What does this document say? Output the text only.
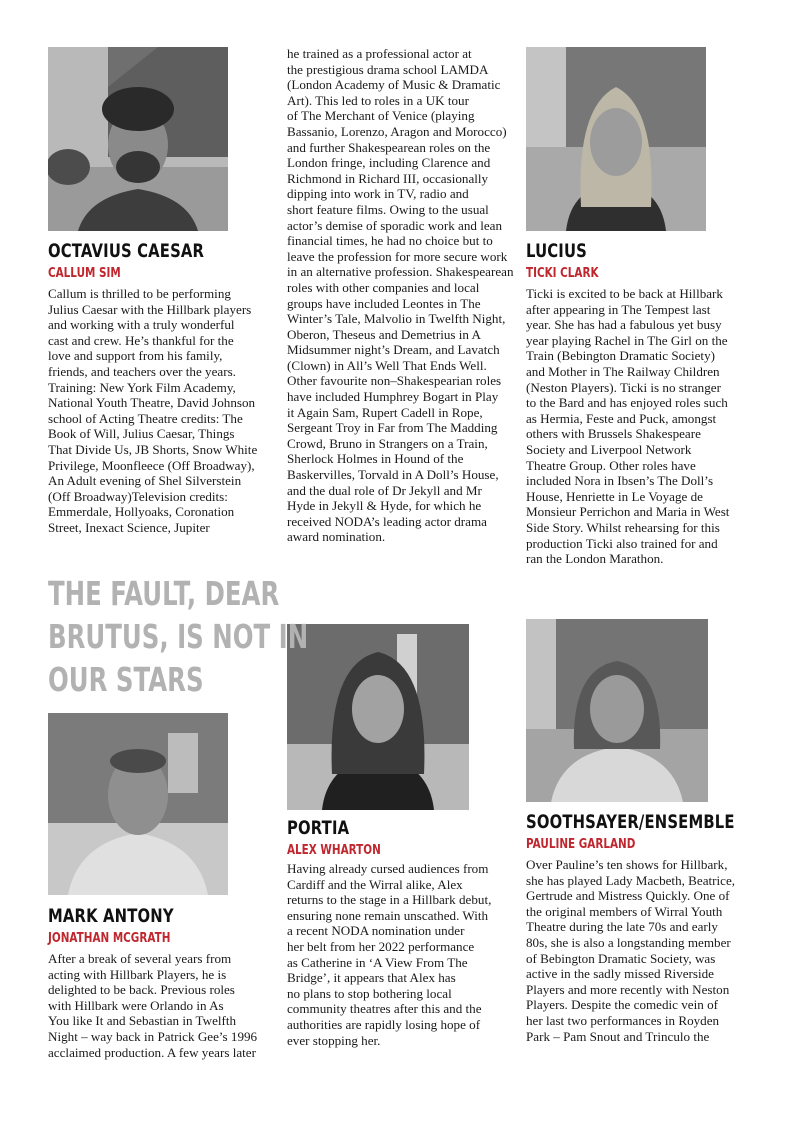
OCTAVIUS CAESAR
CALLUM SIM
Callum is thrilled to be performing
Julius Caesar with the Hillbark players
and working with a truly wonderful
cast and crew. He’s thankful for the
love and support from his family,
friends, and teachers over the years.
Training: New York Film Academy,
National Youth Theatre, David Johnson
school of Acting Theatre credits: The
Book of Will, Julius Caesar, Things
That Divide Us, JB Shorts, Snow White
Privilege, Moonfleece (Off Broadway),
An Adult evening of Shel Silverstein
(Off Broadway)Television credits:
Emmerdale, Hollyoaks, Coronation
Street, Inexact Science, Jupiter
THE FAULT, DEAR
BRUTUS, IS NOT IN
OUR STARS
MARK ANTONY
JONATHAN MCGRATH
After a break of several years from
acting with Hillbark Players, he is
delighted to be back. Previous roles
with Hillbark were Orlando in As
You like It and Sebastian in Twelfth
Night – way back in Patrick Gee’s 1996
acclaimed production. A few years later
he trained as a professional actor at
the prestigious drama school LAMDA
(London Academy of Music & Dramatic
Art). This led to roles in a UK tour
of The Merchant of Venice (playing
Bassanio, Lorenzo, Aragon and Morocco)
and further Shakespearean roles on the
London fringe, including Clarence and
Richmond in Richard III, occasionally
dipping into work in TV, radio and
short feature films. Owing to the usual
actor’s demise of sporadic work and lean
financial times, he had no choice but to
leave the profession for more secure work
in an alternative profession. Shakespearean
roles with other companies and local
groups have included Leontes in The
Winter’s Tale, Malvolio in Twelfth Night,
Oberon, Theseus and Demetrius in A
Midsummer night’s Dream, and Lavatch
(Clown) in All’s Well That Ends Well.
Other favourite non–Shakespearian roles
have included Humphrey Bogart in Play
it Again Sam, Rupert Cadell in Rope,
Sergeant Troy in Far from The Madding
Crowd, Bruno in Strangers on a Train,
Sherlock Holmes in Hound of the
Baskervilles, Torvald in A Doll’s House,
and the dual role of Dr Jekyll and Mr
Hyde in Jekyll & Hyde, for which he
received NODA’s leading actor drama
award nomination.
PORTIA
ALEX WHARTON
Having already cursed audiences from
Cardiff and the Wirral alike, Alex
returns to the stage in a Hillbark debut,
ensuring none remain unscathed. With
a recent NODA nomination under
her belt from her 2022 performance
as Catherine in ‘A View From The
Bridge’, it appears that Alex has
no plans to stop bothering local
community theatres after this and the
authorities are rapidly losing hope of
ever stopping her.
LUCIUS
TICKI CLARK
Ticki is excited to be back at Hillbark
after appearing in The Tempest last
year. She has had a fabulous yet busy
year playing Rachel in The Girl on the
Train (Bebington Dramatic Society)
and Mother in The Railway Children
(Neston Players). Ticki is no stranger
to the Bard and has enjoyed roles such
as Hermia, Feste and Puck, amongst
others with Brussels Shakespeare
Society and Liverpool Network
Theatre Group. Other roles have
included Nora in Ibsen’s The Doll’s
House, Henriette in Le Voyage de
Monsieur Perrichon and Maria in West
Side Story. Whilst rehearsing for this
production Ticki also trained for and
ran the London Marathon.
SOOTHSAYER/ENSEMBLE
PAULINE GARLAND
Over Pauline’s ten shows for Hillbark,
she has played Lady Macbeth, Beatrice,
Gertrude and Mistress Quickly. One of
the original members of Wirral Youth
Theatre during the late 70s and early
80s, she is also a longstanding member
of Bebington Dramatic Society, was
active in the sadly missed Riverside
Players and more recently with Neston
Players. Despite the comedic vein of
her last two performances in Royden
Park – Pam Snout and Trinculo the
